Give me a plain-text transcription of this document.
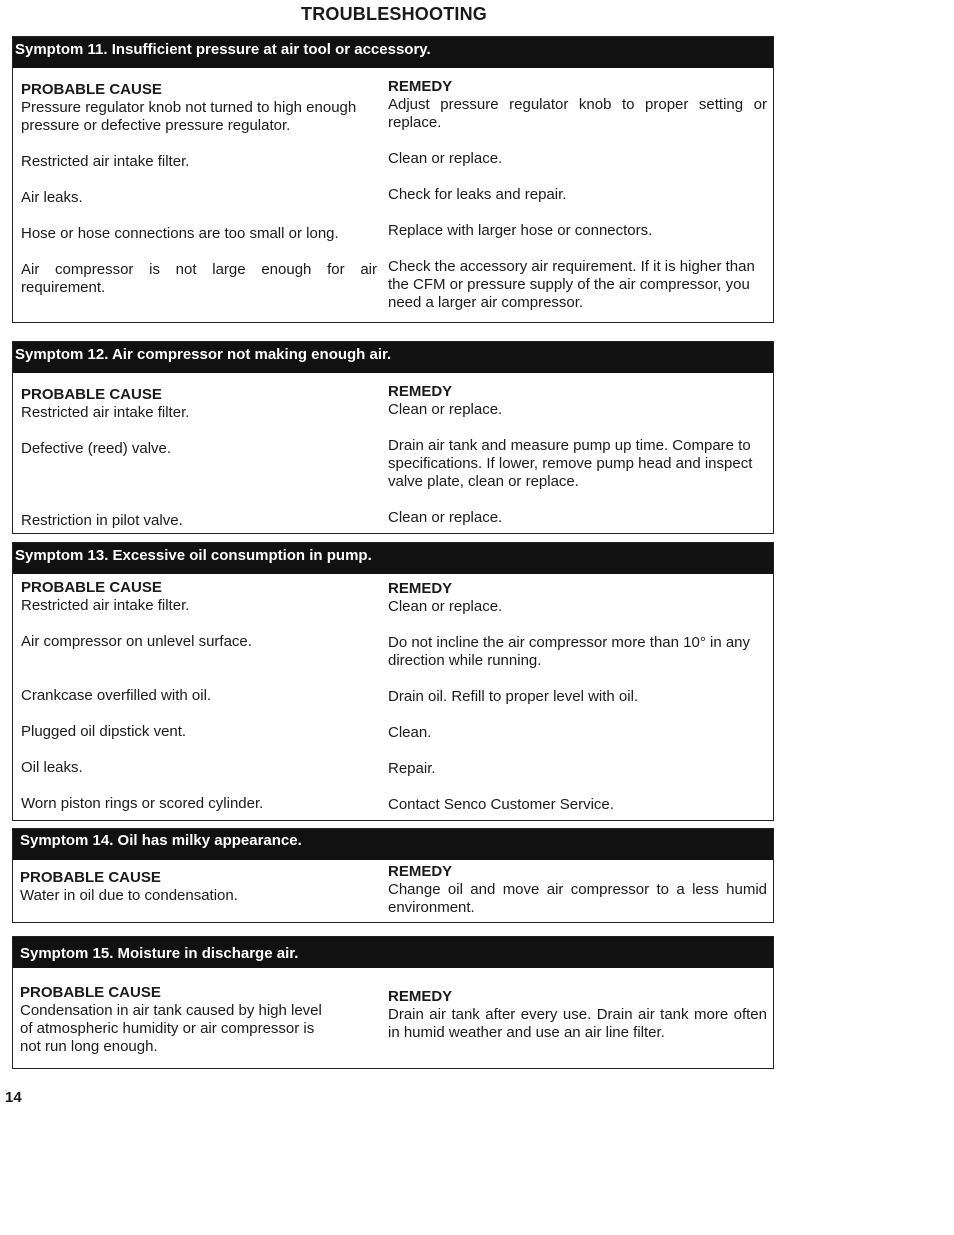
TROUBLESHOOTING
Symptom 11. Insufficient pressure at air tool or accessory.
PROBABLE CAUSE
Pressure regulator knob not turned to high enough pressure or defective pressure regulator.
Restricted air intake filter.
Air leaks.
Hose or hose connections are too small or long.
Air compressor is not large enough for air requirement.
REMEDY
Adjust pressure regulator knob to proper setting or replace.
Clean or replace.
Check for leaks and repair.
Replace with larger hose or connectors.
Check the accessory air requirement. If it is higher than the CFM or pressure supply of the air compressor, you need a larger air compressor.
Symptom 12. Air compressor not making enough air.
PROBABLE CAUSE
Restricted air intake filter.
Defective (reed) valve.
Restriction in pilot valve.
REMEDY
Clean or replace.
Drain air tank and measure pump up time. Compare to specifications. If lower, remove pump head and inspect valve plate, clean or replace.
Clean or replace.
Symptom 13. Excessive oil consumption in pump.
PROBABLE CAUSE
Restricted air intake filter.
Air compressor on unlevel surface.
Crankcase overfilled with oil.
Plugged oil dipstick vent.
Oil leaks.
Worn piston rings or scored cylinder.
REMEDY
Clean or replace.
Do not incline the air compressor more than 10° in any direction while running.
Drain oil. Refill to proper level with oil.
Clean.
Repair.
Contact Senco Customer Service.
Symptom 14. Oil has milky appearance.
PROBABLE CAUSE
Water in oil due to condensation.
REMEDY
Change oil and move air compressor to a less humid environment.
Symptom 15. Moisture in discharge air.
PROBABLE CAUSE
Condensation in air tank caused by high level of atmospheric humidity or air compressor is not run long enough.
REMEDY
Drain air tank after every use. Drain air tank more often in humid weather and use an air line filter.
14
